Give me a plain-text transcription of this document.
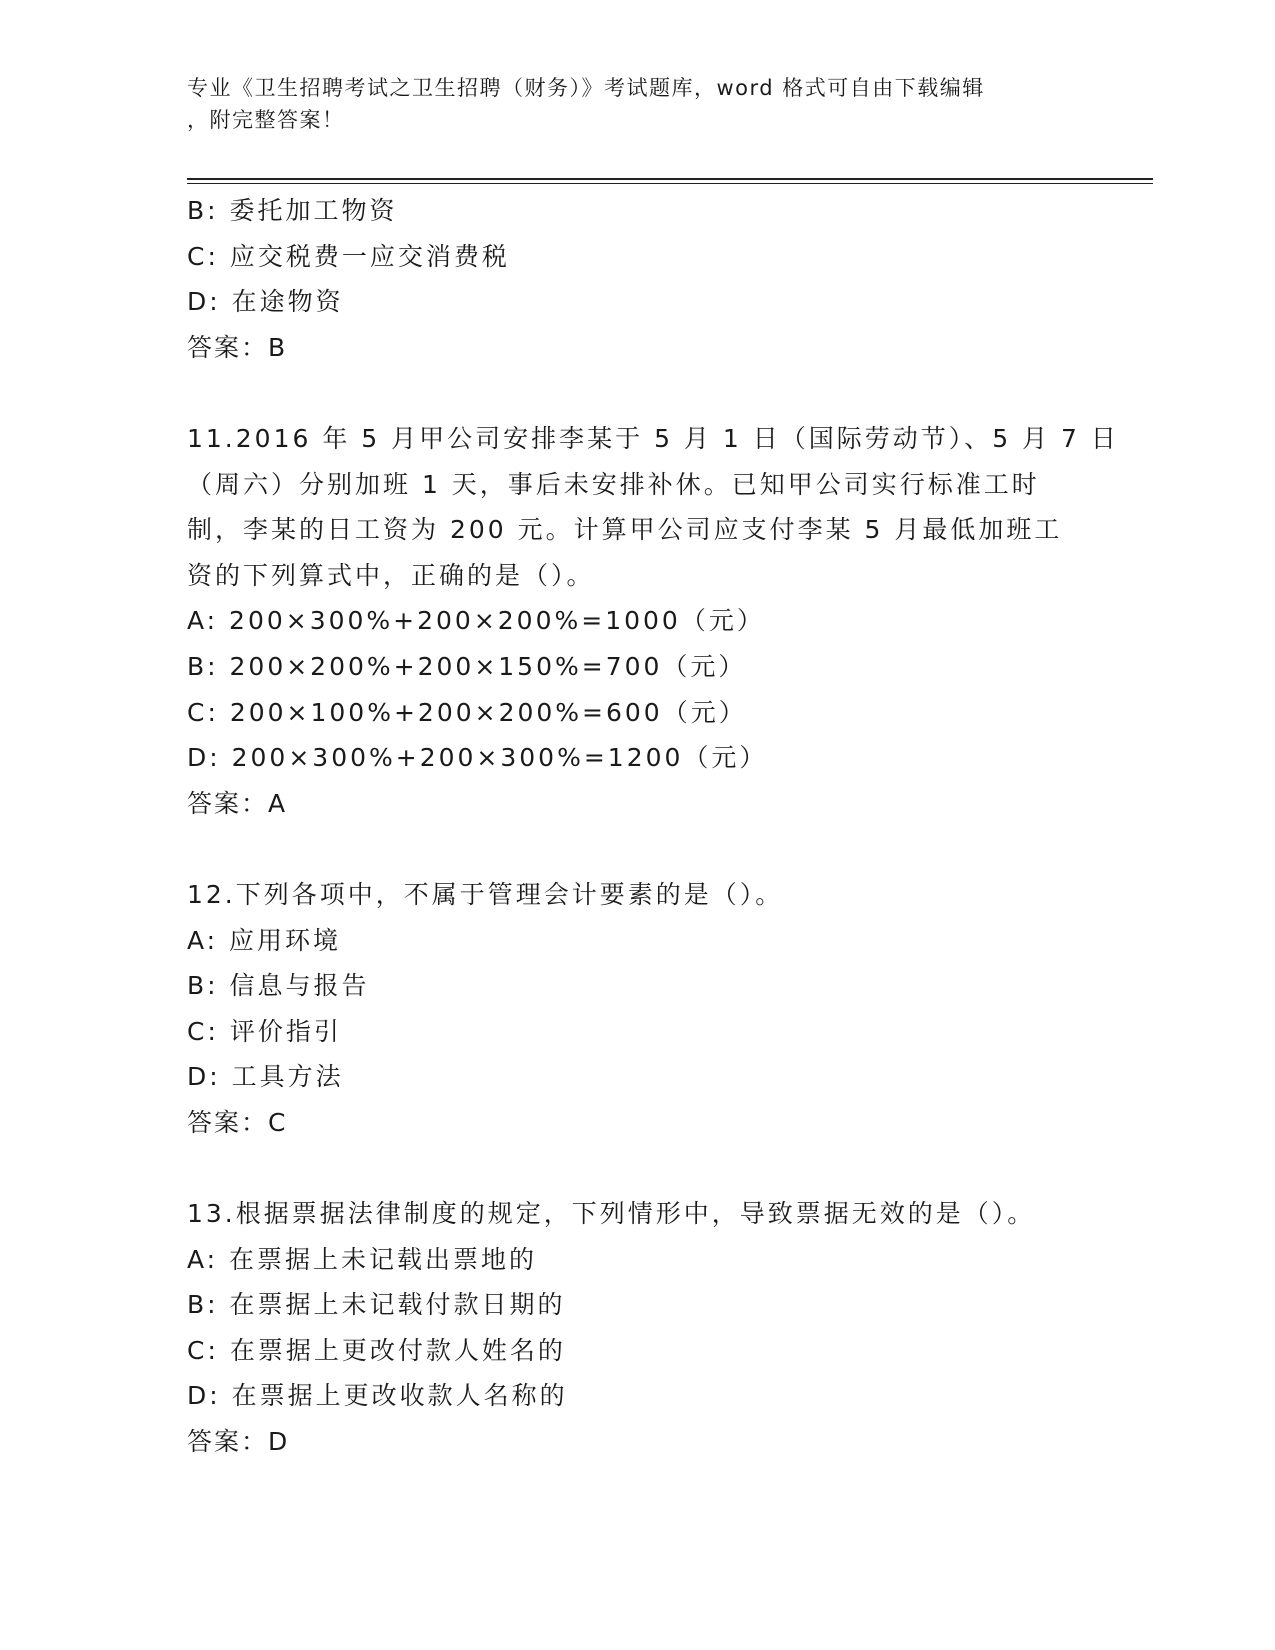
专业《卫生招聘考试之卫生招聘（财务）》考试题库，word 格式可自由下载编辑
，附完整答案！
B: 委托加工物资
C: 应交税费一应交消费税
D: 在途物资
答案：B
11.2016 年 5 月甲公司安排李某于 5 月 1 日（国际劳动节）、5 月 7 日
（周六）分别加班 1 天，事后未安排补休。已知甲公司实行标准工时
制，李某的日工资为 200 元。计算甲公司应支付李某 5 月最低加班工
资的下列算式中，正确的是（）。
A: 200×300%+200×200%=1000（元）
B: 200×200%+200×150%=700（元）
C: 200×100%+200×200%=600（元）
D: 200×300%+200×300%=1200（元）
答案：A
12.下列各项中，不属于管理会计要素的是（）。
A: 应用环境
B: 信息与报告
C: 评价指引
D: 工具方法
答案：C
13.根据票据法律制度的规定，下列情形中，导致票据无效的是（）。
A: 在票据上未记载出票地的
B: 在票据上未记载付款日期的
C: 在票据上更改付款人姓名的
D: 在票据上更改收款人名称的
答案：D
